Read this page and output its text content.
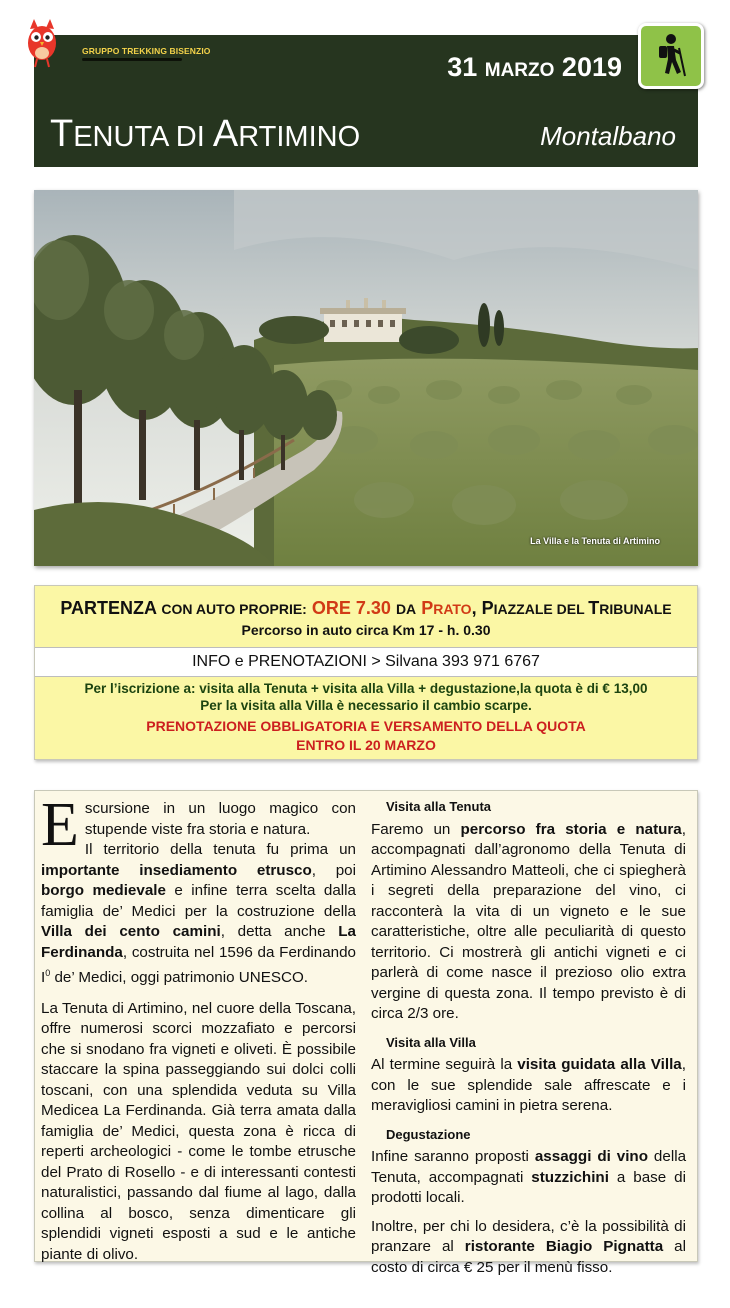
GRUPPO TREKKING BISENZIO
31 MARZO 2019
TENUTA DI ARTIMINO	Montalbano
La Villa e la Tenuta di Artimino
PARTENZA CON AUTO PROPRIE: ORE 7.30 DA PRATO, PIAZZALE DEL TRIBUNALE
Percorso in auto circa Km 17 - h. 0.30
INFO e PRENOTAZIONI > Silvana 393 971 6767
Per l’iscrizione a: visita alla Tenuta + visita alla Villa + degustazione,la quota è di € 13,00
Per la visita alla Villa è necessario il cambio scarpe.
PRENOTAZIONE OBBLIGATORIA E VERSAMENTO DELLA QUOTA
ENTRO IL 20 MARZO

Escursione in un luogo magico con stupende viste fra storia e natura.
Il territorio della tenuta fu prima un importante insediamento etrusco, poi borgo medievale e infine terra scelta dalla famiglia de’ Medici per la costruzione della Villa dei cento camini, detta anche La Ferdinanda, costruita nel 1596 da Ferdinando $I^0$ de’ Medici, oggi patrimonio UNESCO.

La Tenuta di Artimino, nel cuore della Toscana, offre numerosi scorci mozzafiato e percorsi che si snodano fra vigneti e oliveti. È possibile staccare la spina passeggiando sui dolci colli toscani, con una splendida veduta su Villa Medicea La Ferdinanda. Già terra amata dalla famiglia de’ Medici, questa zona è ricca di reperti archeologici - come le tombe etrusche del Prato di Rosello - e di interessanti contesti naturalistici, passando dal fiume al lago, dalla collina al bosco, senza dimenticare gli splendidi vigneti esposti a sud e le antiche piante di olivo.

Visita alla Tenuta

Faremo un percorso fra storia e natura, accompagnati dall’agronomo della Tenuta di Artimino Alessandro Matteoli, che ci spiegherà i segreti della preparazione del vino, ci racconterà la vita di un vigneto e le sue caratteristiche, oltre alle peculiarità di questo territorio. Ci mostrerà gli antichi vigneti e ci parlerà di come nasce il prezioso olio extra vergine di questa zona. Il tempo previsto è di circa 2/3 ore.

Visita alla Villa

Al termine seguirà la visita guidata alla Villa, con le sue splendide sale affrescate e i meravigliosi camini in pietra serena.

Degustazione

Infine saranno proposti assaggi di vino della Tenuta, accompagnati stuzzichini a base di prodotti locali.

Inoltre, per chi lo desidera, c’è la possibilità di pranzare al ristorante Biagio Pignatta al costo di circa € 25 per il menù fisso.
